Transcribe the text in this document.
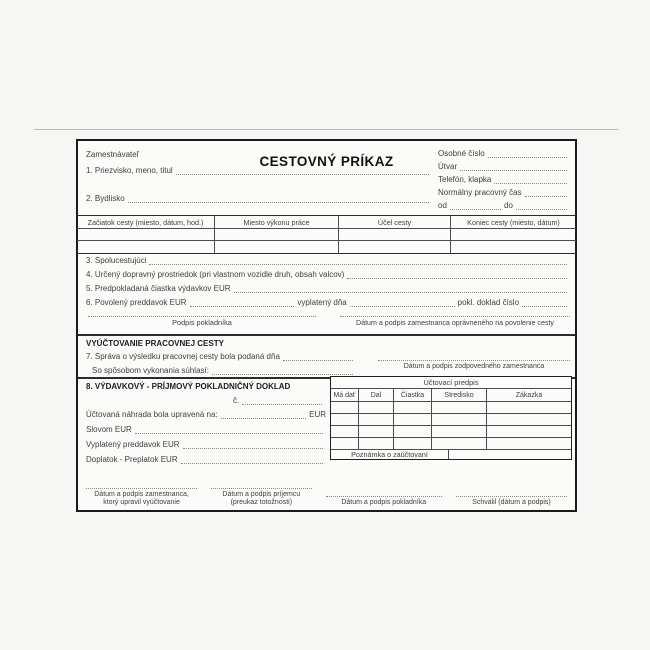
Zamestnávateľ	CESTOVNÝ PRÍKAZ
Osobné číslo
Útvar
Telefón, klapka
Normálny pracovný čas
od	do
1. Priezvisko, meno, titul
2. Bydlisko
Začiatok cesty (miesto, dátum, hod.)	Miesto výkonu práce	Účel cesty	Koniec cesty (miesto, dátum)
3. Spolucestujúci
4. Určený dopravný prostriedok (pri vlastnom vozidle druh, obsah valcov)
5. Predpokladaná čiastka výdavkov EUR
6. Povolený preddavok EUR	vyplatený dňa	pokl. doklad číslo
Podpis pokladníka	Dátum a podpis zamestnanca oprávneného na povolenie cesty
VYÚČTOVANIE PRACOVNEJ CESTY
7. Správa o výsledku pracovnej cesty bola podaná dňa
So spôsobom vykonania súhlasí:	Dátum a podpis zodpovedného zamestnanca
8. VÝDAVKOVÝ - PRÍJMOVÝ POKLADNIČNÝ DOKLAD
č.
Účtovaná náhrada bola upravená na:	EUR
Slovom EUR
Vyplatený preddavok EUR
Doplatok - Preplatok EUR
Účtovací predpis
Má dať	Dal	Čiastka	Stredisko	Zákazka
Poznámka o zaúčtovaní
Dátum a podpis zamestnanca,
ktorý upravil vyúčtovanie
Dátum a podpis príjemcu
(preukaz totožnosti)	Dátum a podpis pokladníka	Schválil (dátum a podpis)
